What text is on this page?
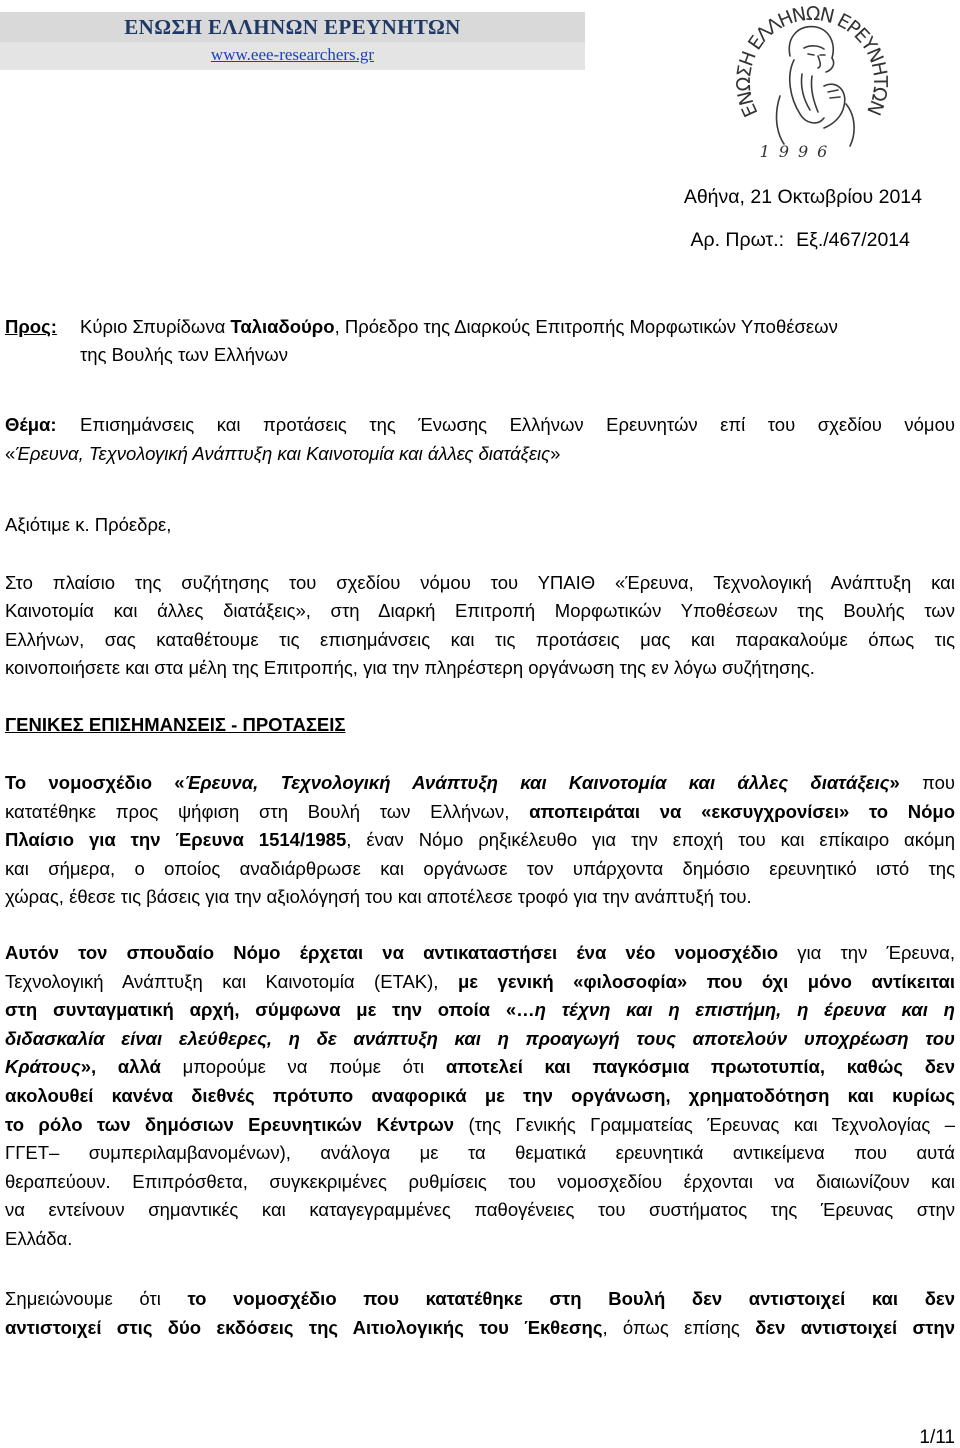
ΕΝΩΣΗ ΕΛΛΗΝΩΝ ΕΡΕΥΝΗΤΩΝ
www.eee-researchers.gr
ΕΝΩΣΗ ΕΛΛΗΝΩΝ ΕΡΕΥΝΗΤΩΝ
1996
Αθήνα, 21 Οκτωβρίου 2014
Αρ. Πρωτ.: Εξ./467/2014
Προς: Κύριο Σπυρίδωνα Ταλιαδούρο, Πρόεδρο της Διαρκούς Επιτροπής Μορφωτικών Υποθέσεων
της Βουλής των Ελλήνων
Θέμα: Επισημάνσεις και προτάσεις της Ένωσης Ελλήνων Ερευνητών επί του σχεδίου νόμου
«Έρευνα, Τεχνολογική Ανάπτυξη και Καινοτομία και άλλες διατάξεις»
Αξιότιμε κ. Πρόεδρε,
Στο πλαίσιο της συζήτησης του σχεδίου νόμου του ΥΠΑΙΘ «Έρευνα, Τεχνολογική Ανάπτυξη και
Καινοτομία και άλλες διατάξεις», στη Διαρκή Επιτροπή Μορφωτικών Υποθέσεων της Βουλής των
Ελλήνων, σας καταθέτουμε τις επισημάνσεις και τις προτάσεις μας και παρακαλούμε όπως τις
κοινοποιήσετε και στα μέλη της Επιτροπής, για την πληρέστερη οργάνωση της εν λόγω συζήτησης.
ΓΕΝΙΚΕΣ ΕΠΙΣΗΜΑΝΣΕΙΣ - ΠΡΟΤΑΣΕΙΣ
Το νομοσχέδιο «Έρευνα, Τεχνολογική Ανάπτυξη και Καινοτομία και άλλες διατάξεις» που
κατατέθηκε προς ψήφιση στη Βουλή των Ελλήνων, αποπειράται να «εκσυγχρονίσει» το Νόμο
Πλαίσιο για την Έρευνα 1514/1985, έναν Νόμο ρηξικέλευθο για την εποχή του και επίκαιρο ακόμη
και σήμερα, ο οποίος αναδιάρθρωσε και οργάνωσε τον υπάρχοντα δημόσιο ερευνητικό ιστό της
χώρας, έθεσε τις βάσεις για την αξιολόγησή του και αποτέλεσε τροφό για την ανάπτυξή του.
Αυτόν τον σπουδαίο Νόμο έρχεται να αντικαταστήσει ένα νέο νομοσχέδιο για την Έρευνα,
Τεχνολογική Ανάπτυξη και Καινοτομία (ΕΤΑΚ), με γενική «φιλοσοφία» που όχι μόνο αντίκειται
στη συνταγματική αρχή, σύμφωνα με την οποία «…η τέχνη και η επιστήμη, η έρευνα και η
διδασκαλία είναι ελεύθερες, η δε ανάπτυξη και η προαγωγή τους αποτελούν υποχρέωση του
Κράτους», αλλά μπορούμε να πούμε ότι αποτελεί και παγκόσμια πρωτοτυπία, καθώς δεν
ακολουθεί κανένα διεθνές πρότυπο αναφορικά με την οργάνωση, χρηματοδότηση και κυρίως
το ρόλο των δημόσιων Ερευνητικών Κέντρων (της Γενικής Γραμματείας Έρευνας και Τεχνολογίας –
ΓΓΕΤ– συμπεριλαμβανομένων), ανάλογα με τα θεματικά ερευνητικά αντικείμενα που αυτά
θεραπεύουν. Επιπρόσθετα, συγκεκριμένες ρυθμίσεις του νομοσχεδίου έρχονται να διαιωνίζουν και
να εντείνουν σημαντικές και καταγεγραμμένες παθογένειες του συστήματος της Έρευνας στην
Ελλάδα.
Σημειώνουμε ότι το νομοσχέδιο που κατατέθηκε στη Βουλή δεν αντιστοιχεί και δεν
αντιστοιχεί στις δύο εκδόσεις της Αιτιολογικής του Έκθεσης, όπως επίσης δεν αντιστοιχεί στην
1/11
